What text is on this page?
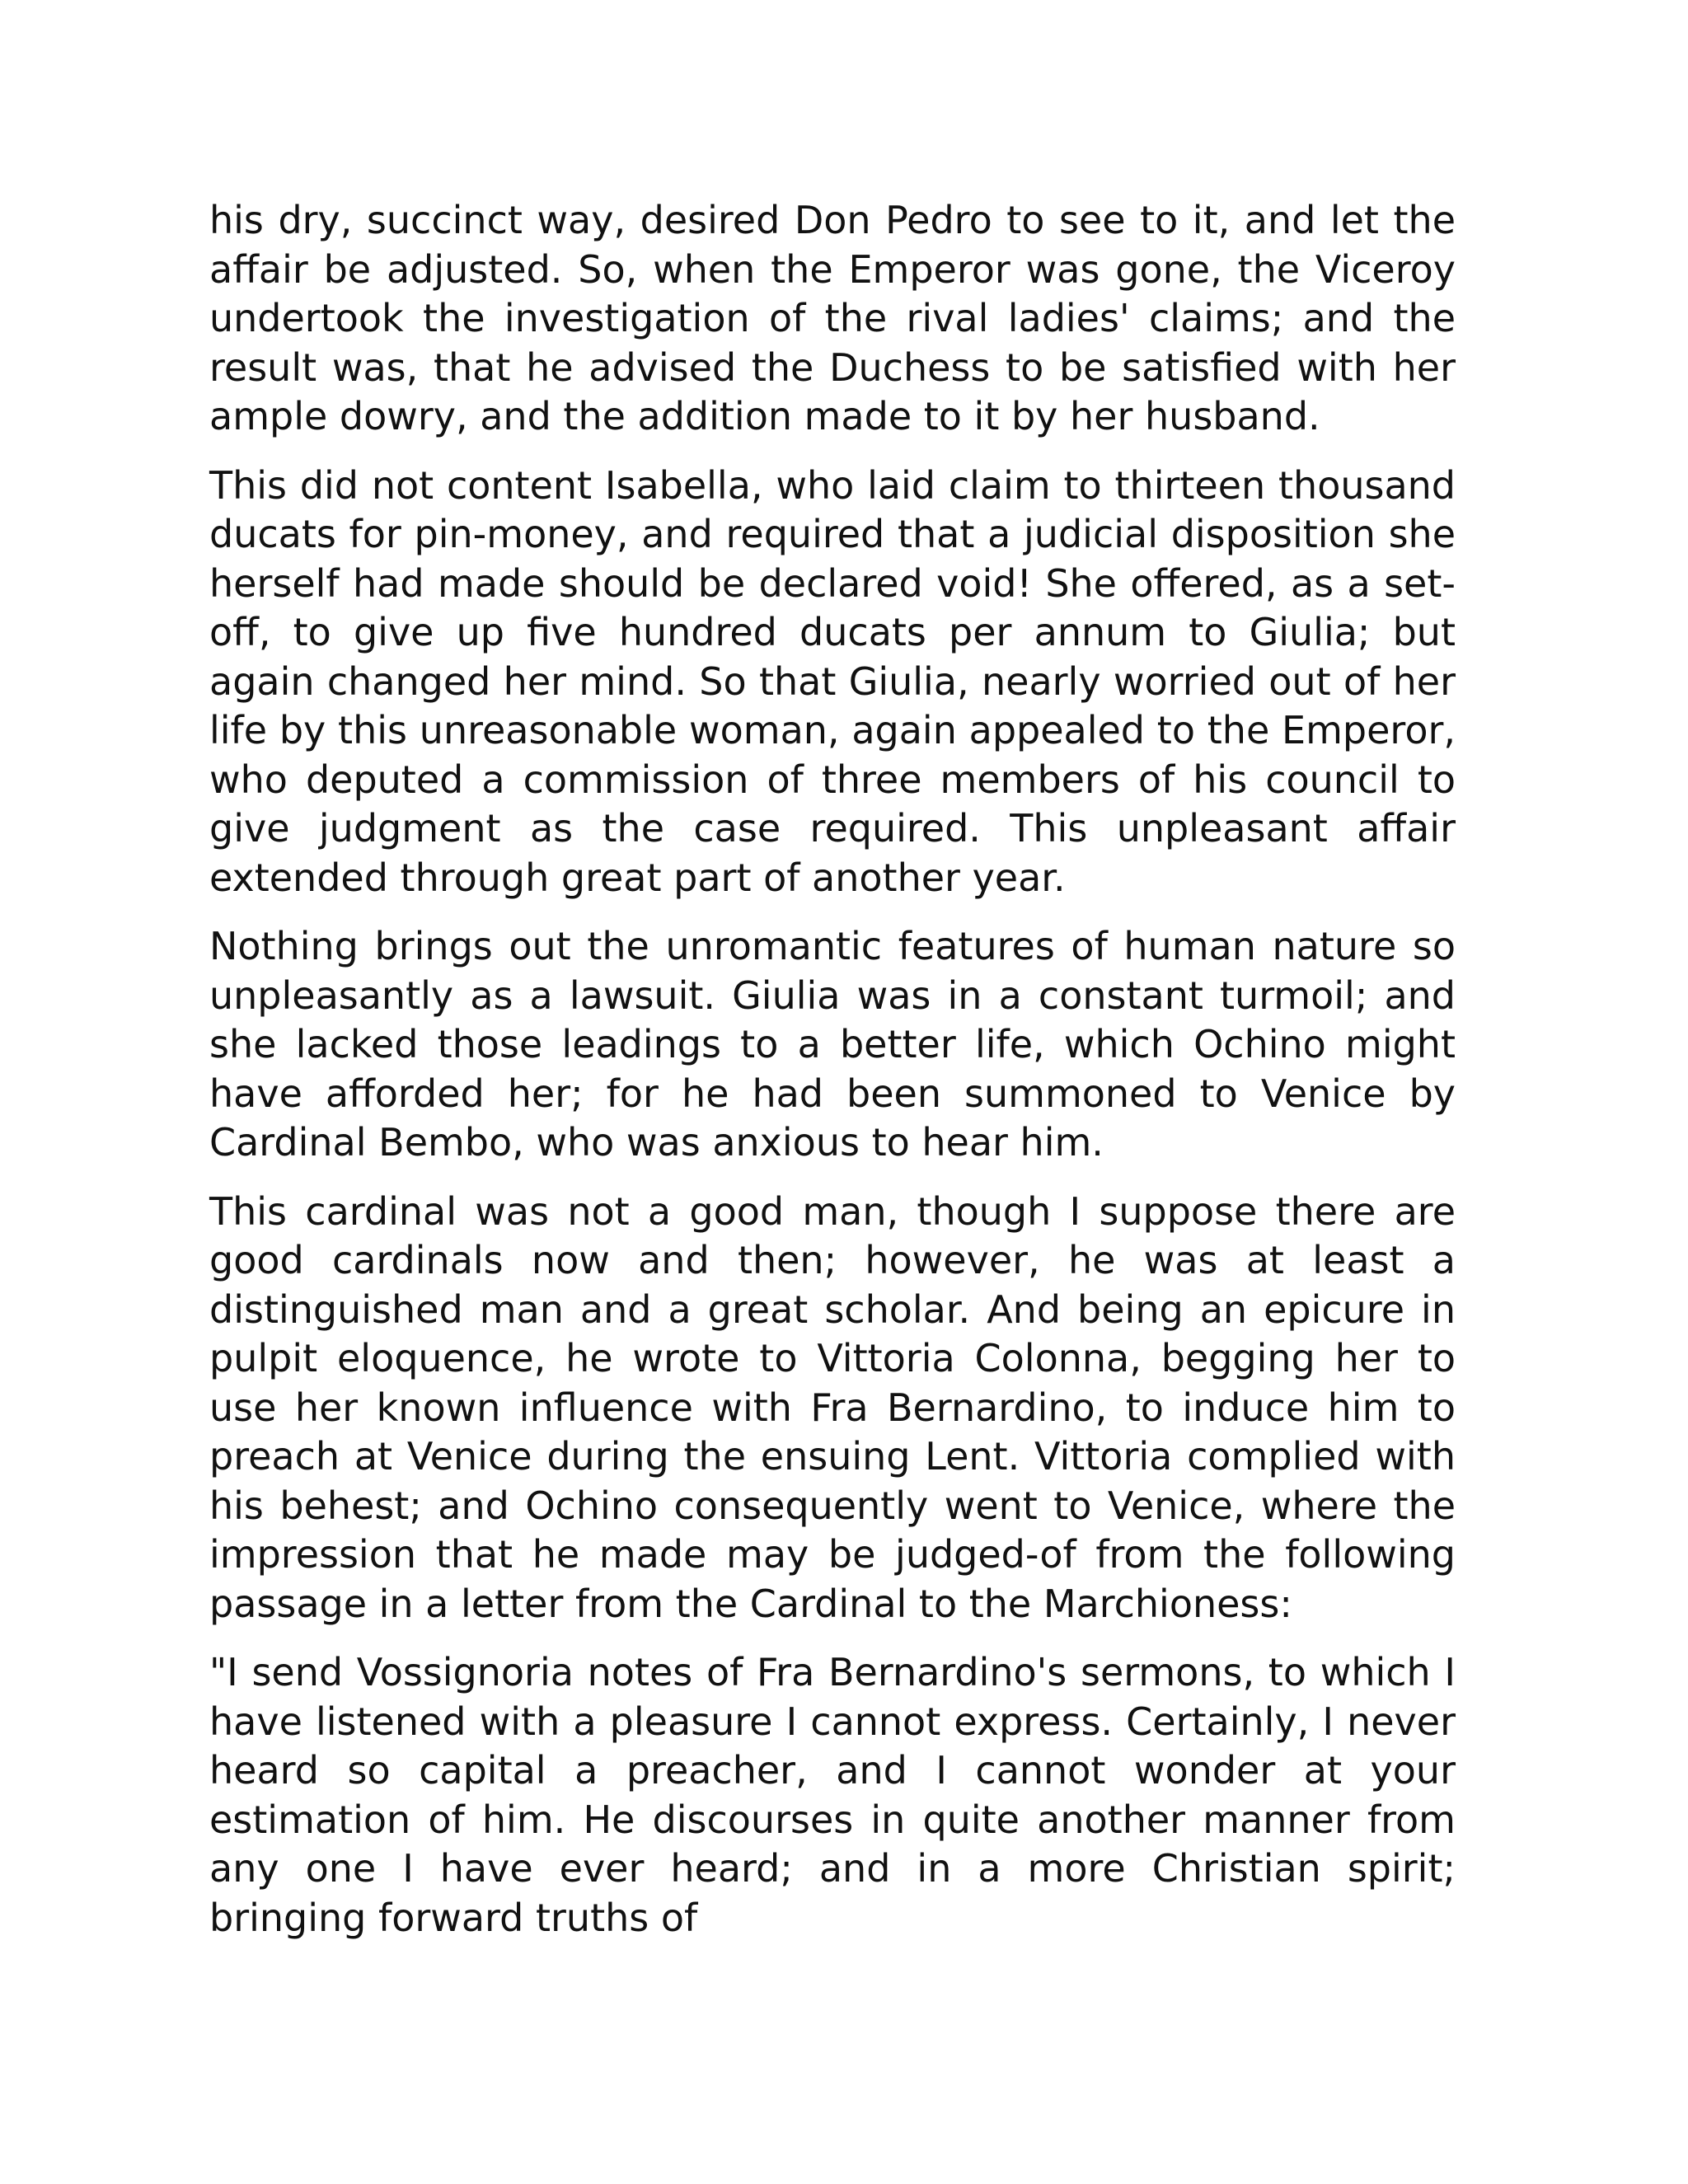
his dry, succinct way, desired Don Pedro to see to it, and let the affair be adjusted. So, when the Emperor was gone, the Viceroy undertook the investigation of the rival ladies' claims; and the result was, that he advised the Duchess to be satisfied with her ample dowry, and the addition made to it by her husband.

This did not content Isabella, who laid claim to thirteen thousand ducats for pin-money, and required that a judicial disposition she herself had made should be declared void! She offered, as a set-off, to give up five hundred ducats per annum to Giulia; but again changed her mind. So that Giulia, nearly worried out of her life by this unreasonable woman, again appealed to the Emperor, who deputed a commission of three members of his council to give judgment as the case required. This unpleasant affair extended through great part of another year.

Nothing brings out the unromantic features of human nature so unpleasantly as a lawsuit. Giulia was in a constant turmoil; and she lacked those leadings to a better life, which Ochino might have afforded her; for he had been summoned to Venice by Cardinal Bembo, who was anxious to hear him.

This cardinal was not a good man, though I suppose there are good cardinals now and then; however, he was at least a distinguished man and a great scholar. And being an epicure in pulpit eloquence, he wrote to Vittoria Colonna, begging her to use her known influence with Fra Bernardino, to induce him to preach at Venice during the ensuing Lent. Vittoria complied with his behest; and Ochino consequently went to Venice, where the impression that he made may be judged-of from the following passage in a letter from the Cardinal to the Marchioness:

"I send Vossignoria notes of Fra Bernardino's sermons, to which I have listened with a pleasure I cannot express. Certainly, I never heard so capital a preacher, and I cannot wonder at your estimation of him. He discourses in quite another manner from any one I have ever heard; and in a more Christian spirit; bringing forward truths of
